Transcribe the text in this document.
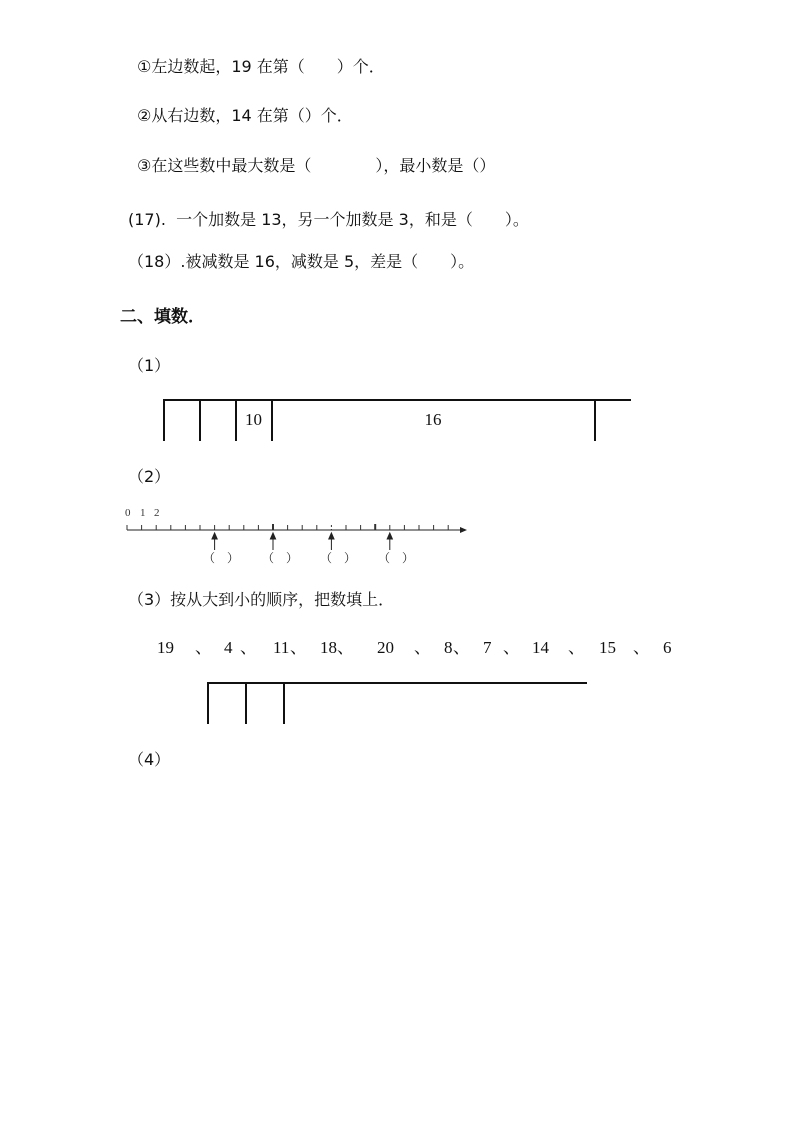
①左边数起，19 在第（　　）个．
②从右边数，14 在第（）个．
③在这些数中最大数是（　　　　），最小数是（）
(17).  一个加数是 13，另一个加数是 3，和是（　　）。
（18）.被减数是 16，减数是 5，差是（　　）。
二、填数．
（1）
10	16
（2）
0 1 2
（　） （　） （　） （　）
（3）按从大到小的顺序，把数填上．
19 、 4 、 11 、 18 、 20 、 8 、 7 、 14 、 15 、 6
（4）
